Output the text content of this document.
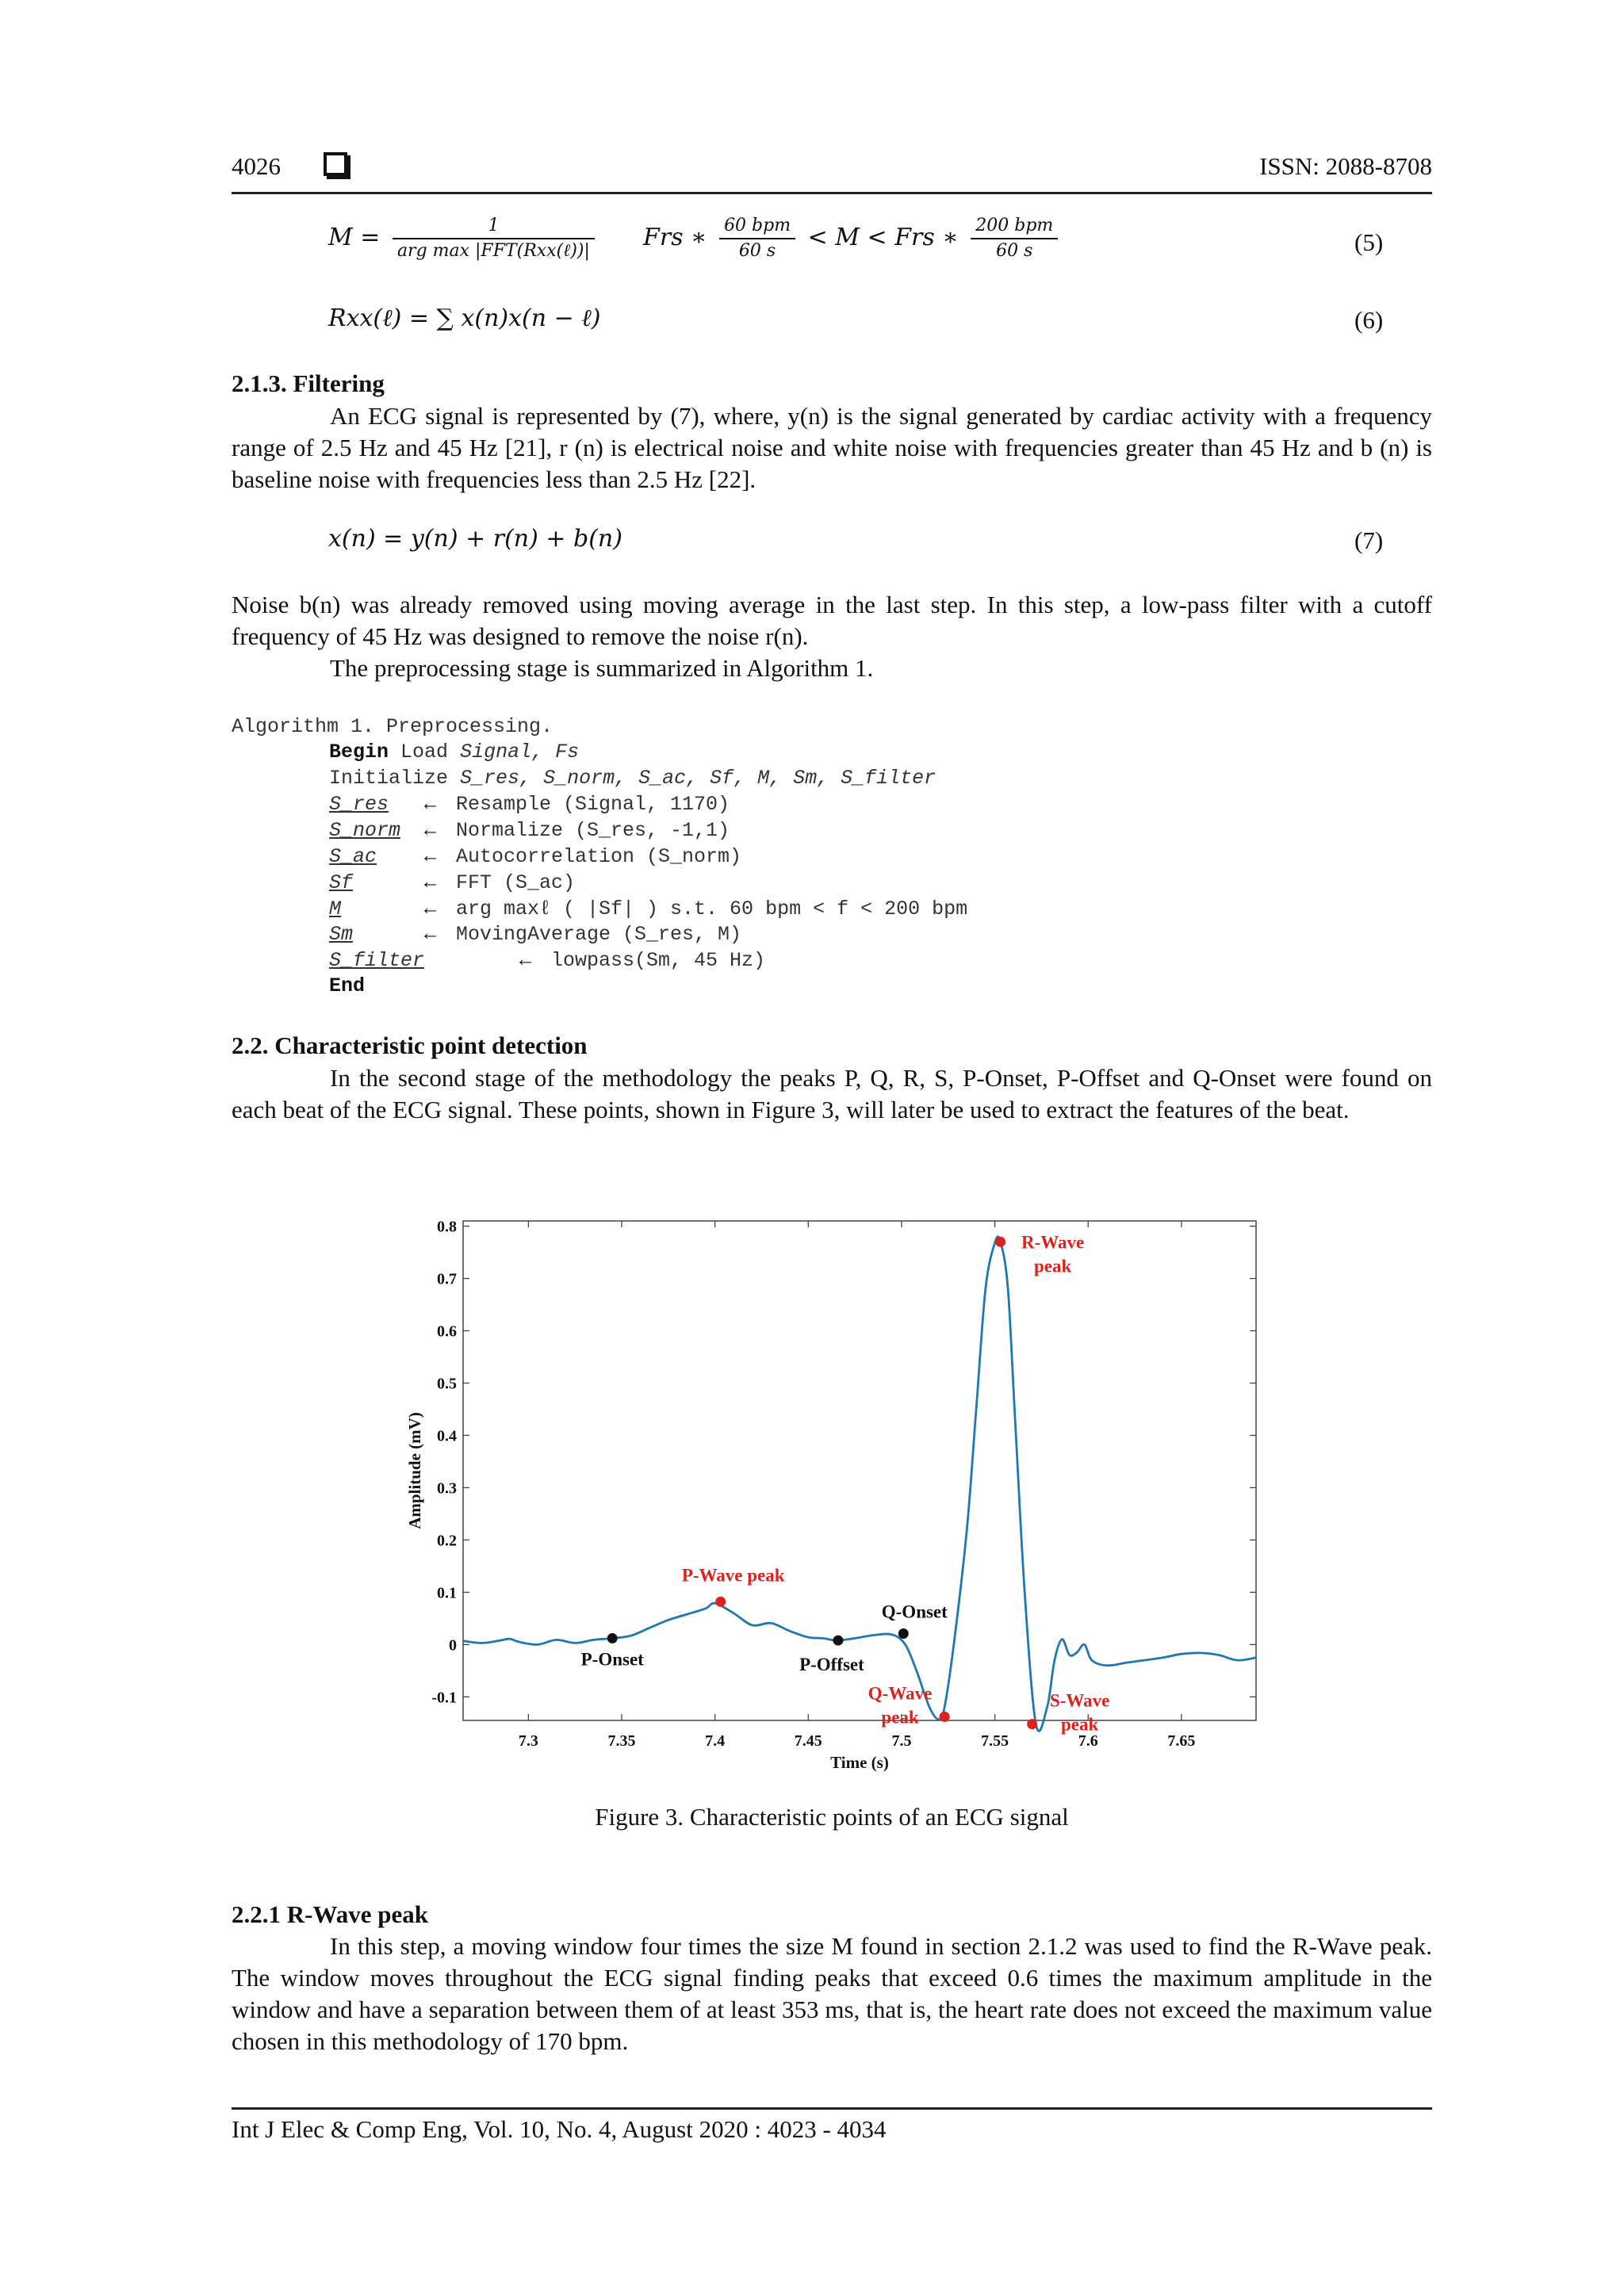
4026	ISSN: 2088-8708
$M = \frac{1}{\text{arg max |FFT(Rxx(ℓ))|}}$ Frs ∗ $\frac{\text{60 bpm}}{60 s} < M$ < Frs ∗ $\frac{\text{200 bpm}}{60 s}$	(5)
Rxx(ℓ) = ∑ x(n)x(n − ℓ)	(6)
2.1.3. Filtering
An ECG signal is represented by (7), where, y(n) is the signal generated by cardiac activity with a frequency range of 2.5 Hz and 45 Hz [21], r (n) is electrical noise and white noise with frequencies greater than 45 Hz and b (n) is baseline noise with frequencies less than 2.5 Hz [22].
x(n) = y(n) + r(n) + b(n)	(7)
Noise b(n) was already removed using moving average in the last step. In this step, a low-pass filter with a cutoff frequency of 45 Hz was designed to remove the noise r(n).
The preprocessing stage is summarized in Algorithm 1.
Algorithm 1. Preprocessing.
Begin Load Signal, Fs
Initialize S_res, S_norm, S_ac, Sf, M, Sm, S_filter
S_res ← Resample (Signal, 1170)
S_norm ← Normalize (S_res, -1,1)
S_ac ← Autocorrelation (S_norm)
Sf	← FFT (S_ac)
M	← arg maxℓ ( |Sf| ) s.t. 60 bpm < f < 200 bpm
Sm	← MovingAverage (S_res, M)
S_filter	← lowpass(Sm, 45 Hz)
End
2.2. Characteristic point detection
In the second stage of the methodology the peaks P, Q, R, S, P-Onset, P-Offset and Q-Onset were found on each beat of the ECG signal. These points, shown in Figure 3, will later be used to extract the features of the beat.
0.8
0.7
0.6
0.5
0.4
0.3
0.2
0.1
0
-0.1
7.3	7.35	7.4	7.45	7.5	7.55	7.6	7.65
Time (s)
Amplitude (mV)
P-Onset
P-Wave peak
P-Offset
Q-Onset
Q-Wave peak
R-Wave peak
S-Wave peak
Figure 3. Characteristic points of an ECG signal
2.2.1 R-Wave peak
In this step, a moving window four times the size M found in section 2.1.2 was used to find the R-Wave peak. The window moves throughout the ECG signal finding peaks that exceed 0.6 times the maximum amplitude in the window and have a separation between them of at least 353 ms, that is, the heart rate does not exceed the maximum value chosen in this methodology of 170 bpm.
Int J Elec & Comp Eng, Vol. 10, No. 4, August 2020 : 4023 - 4034
